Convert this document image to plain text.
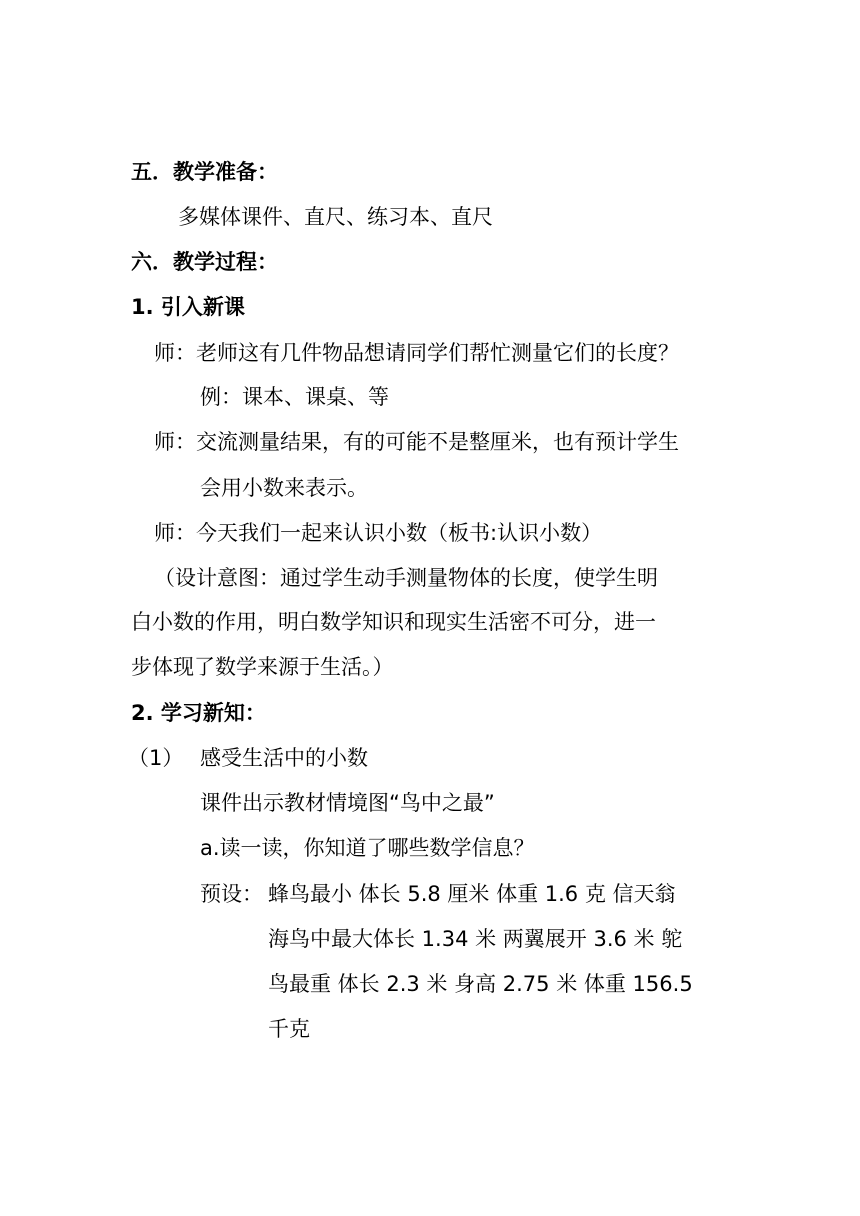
五．教学准备：
多媒体课件、直尺、练习本、直尺
六．教学过程：
1. 引入新课
师：老师这有几件物品想请同学们帮忙测量它们的长度？
例：课本、课桌、等
师：交流测量结果，有的可能不是整厘米，也有预计学生
会用小数来表示。
师：今天我们一起来认识小数（板书:认识小数）
（设计意图：通过学生动手测量物体的长度，使学生明
白小数的作用，明白数学知识和现实生活密不可分，进一
步体现了数学来源于生活。）
2. 学习新知：
（1） 感受生活中的小数
课件出示教材情境图“鸟中之最”
a.读一读，你知道了哪些数学信息？
预设： 蜂鸟最小 体长 5.8 厘米 体重 1.6 克 信天翁
海鸟中最大体长 1.34 米 两翼展开 3.6 米 鸵
鸟最重 体长 2.3 米 身高 2.75 米 体重 156.5
千克
